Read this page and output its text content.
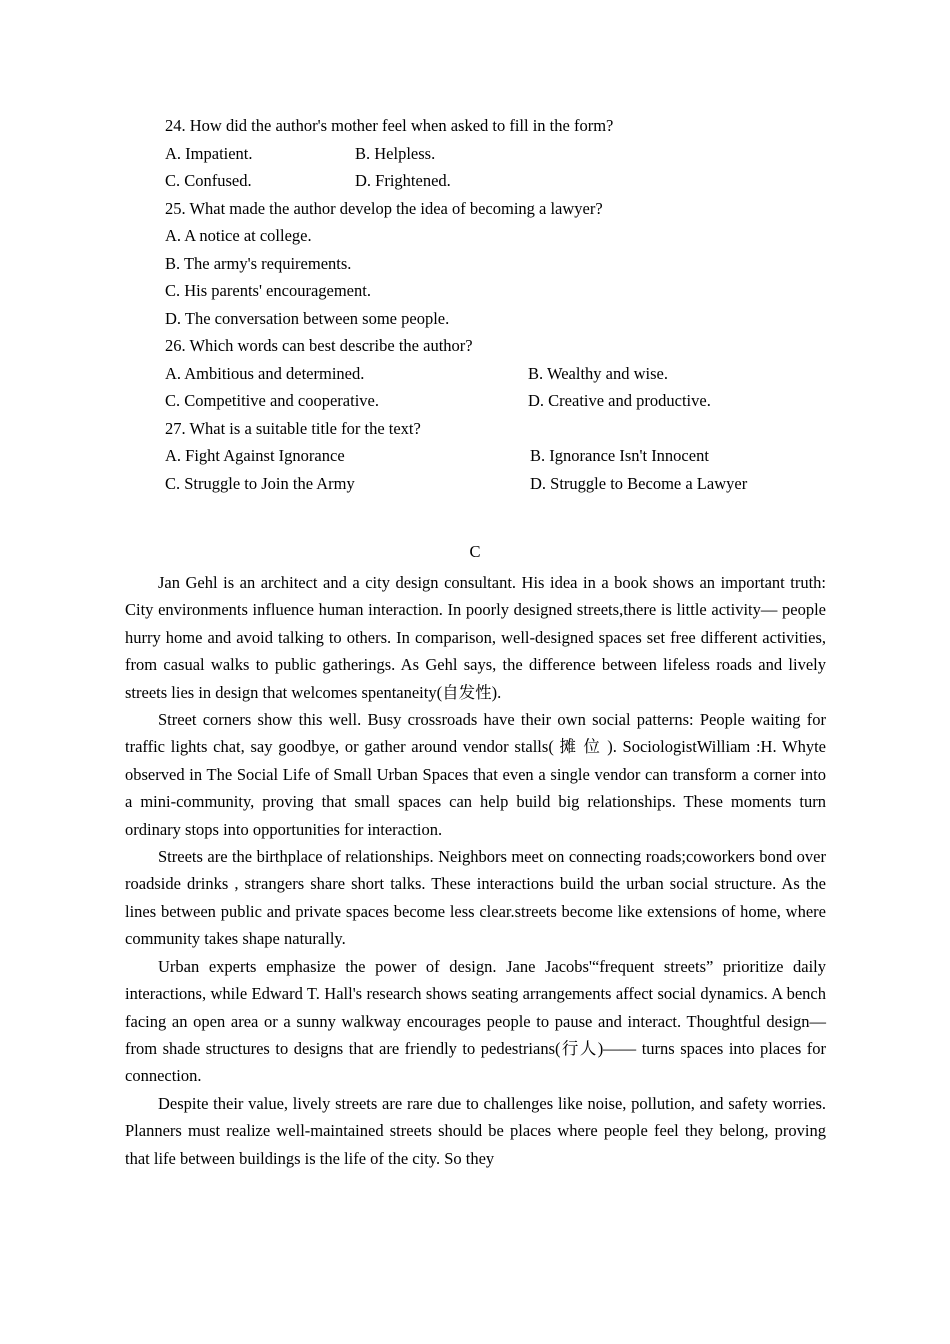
24. How did the author's mother feel when asked to fill in the form?
A. Impatient.	B. Helpless.
C. Confused.	D. Frightened.
25. What made the author develop the idea of becoming a lawyer?
A. A notice at college.
B. The army's requirements.
C. His parents' encouragement.
D. The conversation between some people.
26. Which words can best describe the author?
A. Ambitious and determined.	B. Wealthy and wise.
C. Competitive and cooperative.	D. Creative and productive.
27. What is a suitable title for the text?
A. Fight Against Ignorance	B. Ignorance Isn't Innocent
C. Struggle to Join the Army	D. Struggle to Become a Lawyer
C

Jan Gehl is an architect and a city design consultant. His idea in a book shows an important truth: City environments influence human interaction. In poorly designed streets,there is little activity— people hurry home and avoid talking to others. In comparison, well-designed spaces set free different activities, from casual walks to public gatherings. As Gehl says, the difference between lifeless roads and lively streets lies in design that welcomes spentaneity(自发性).

Street corners show this well. Busy crossroads have their own social patterns: People waiting for traffic lights chat, say goodbye, or gather around vendor stalls( 摊 位 ). SociologistWilliam :H. Whyte observed in The Social Life of Small Urban Spaces that even a single vendor can transform a corner into a mini-community, proving that small spaces can help build big relationships. These moments turn ordinary stops into opportunities for interaction.

Streets are the birthplace of relationships. Neighbors meet on connecting roads;coworkers bond over roadside drinks , strangers share short talks. These interactions build the urban social structure. As the lines between public and private spaces become less clear.streets become like extensions of home, where community takes shape naturally.

Urban experts emphasize the power of design. Jane Jacobs'“frequent streets” prioritize daily interactions, while Edward T. Hall's research shows seating arrangements affect social dynamics. A bench facing an open area or a sunny walkway encourages people to pause and interact. Thoughtful design— from shade structures to designs that are friendly to pedestrians(行人)—— turns spaces into places for connection.

Despite their value, lively streets are rare due to challenges like noise, pollution, and safety worries. Planners must realize well-maintained streets should be places where people feel they belong, proving that life between buildings is the life of the city. So they
